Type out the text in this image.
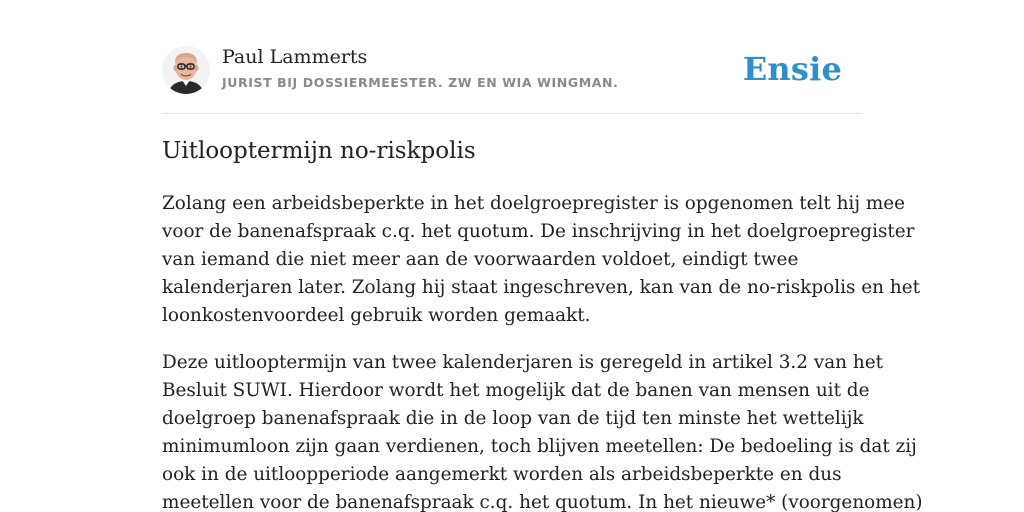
Paul Lammerts
JURIST BIJ DOSSIERMEESTER. ZW EN WIA WINGMAN.	Ensie
Uitlooptermijn no-riskpolis

Zolang een arbeidsbeperkte in het doelgroepregister is opgenomen telt hij mee
voor de banenafspraak c.q. het quotum. De inschrijving in het doelgroepregister
van iemand die niet meer aan de voorwaarden voldoet, eindigt twee
kalenderjaren later. Zolang hij staat ingeschreven, kan van de no-riskpolis en het
loonkostenvoordeel gebruik worden gemaakt.

Deze uitlooptermijn van twee kalenderjaren is geregeld in artikel 3.2 van het
Besluit SUWI. Hierdoor wordt het mogelijk dat de banen van mensen uit de
doelgroep banenafspraak die in de loop van de tijd ten minste het wettelijk
minimumloon zijn gaan verdienen, toch blijven meetellen: De bedoeling is dat zij
ook in de uitloopperiode aangemerkt worden als arbeidsbeperkte en dus
meetellen voor de banenafspraak c.q. het quotum. In het nieuwe* (voorgenomen)
